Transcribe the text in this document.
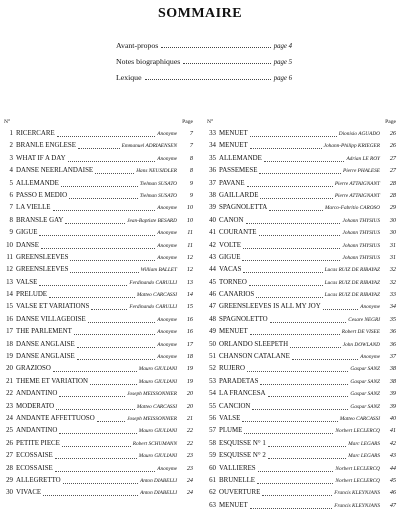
SOMMAIRE
Avant-propos	page 4
Notes biographiques	page 5
Lexique	page 6
N°	Page
1 RICERCARE	Anonyme	7
2 BRANLE ENGLESE	Emmanuel ADRIAENSEN	7
3 WHAT IF A DAY	Anonyme	8
4 DANSE NEERLANDAISE	Hans NEUSIDLER	8
5 ALLEMANDE	Tielman SUSATO	9
6 PASSO E MEDIO	Tielman SUSATO	9
7 LA VIELLE	Anonyme	10
8 BRANSLE GAY	Jean-Baptiste BESARD	10
9 GIGUE	Anonyme	11
10 DANSE	Anonyme	11
11 GREENSLEEVES	Anonyme	12
12 GREENSLEEVES	William BALLET	12
13 VALSE	Ferdinando CARULLI	13
14 PRELUDE	Matteo CARCASSI	14
15 VALSE ET VARIATIONS	Ferdinando CARULLI	15
16 DANSE VILLAGEOISE	Anonyme	16
17 THE PARLEMENT	Anonyme	16
18 DANSE ANGLAISE	Anonyme	17
19 DANSE ANGLAISE	Anonyme	18
20 GRAZIOSO	Mauro GIULIANI	19
21 THEME ET VARIATION	Mauro GIULIANI	19
22 ANDANTINO	Joseph MEISSONNIER	20
23 MODERATO	Matteo CARCASSI	20
24 ANDANTE AFFETTUOSO	Joseph MEISSONNIER	21
25 ANDANTINO	Mauro GIULIANI	22
26 PETITE PIECE	Robert SCHUMANN	22
27 ECOSSAISE	Mauro GIULIANI	23
28 ECOSSAISE	Anonyme	23
29 ALLEGRETTO	Anton DIABELLI	24
30 VIVACE	Anton DIABELLI	24
N°	Page
33 MENUET	Dionisio AGUADO	26
34 MENUET	Johann-Philipp KRIEGER	26
35 ALLEMANDE	Adrian LE ROY	27
36 PASSEMESE	Pierre PHALESE	27
37 PAVANE	Pierre ATTAIGNANT	28
38 GAILLARDE	Pierre ATTAIGNANT	28
39 SPAGNOLETTA	Marco-Fabritio CAROSO	29
40 CANON	Johann THYSIUS	30
41 COURANTE	Johann THYSIUS	30
42 VOLTE	Johann THYSIUS	31
43 GIGUE	Johann THYSIUS	31
44 VACAS	Lucas RUIZ DE RIBAYAZ	32
45 TORNEO	Lucas RUIZ DE RIBAYAZ	32
46 CANARIOS	Lucas RUIZ DE RIBAYAZ	33
47 GREENSLEEVES IS ALL MY JOY	Anonyme	34
48 SPAGNOLETTO	Cesare NEGRI	35
49 MENUET	Robert DE VISEE	36
50 ORLANDO SLEEPETH	John DOWLAND	36
51 CHANSON CATALANE	Anonyme	37
52 RUJERO	Gaspar SANZ	38
53 PARADETAS	Gaspar SANZ	38
54 LA FRANCESA	Gaspar SANZ	39
55 CANCION	Gaspar SANZ	39
56 VALSE	Matteo CARCASSI	40
57 PLUME	Norbert LECLERCQ	41
58 ESQUISSE N° 1	Marc LEGARS	42
59 ESQUISSE N° 2	Marc LEGARS	43
60 VALLIERES	Norbert LECLERCQ	44
61 BRUNELLE	Norbert LECLERCQ	45
62 OUVERTURE	Francis KLEYNJANS	46
63 MENUET	Francis KLEYNJANS	47
